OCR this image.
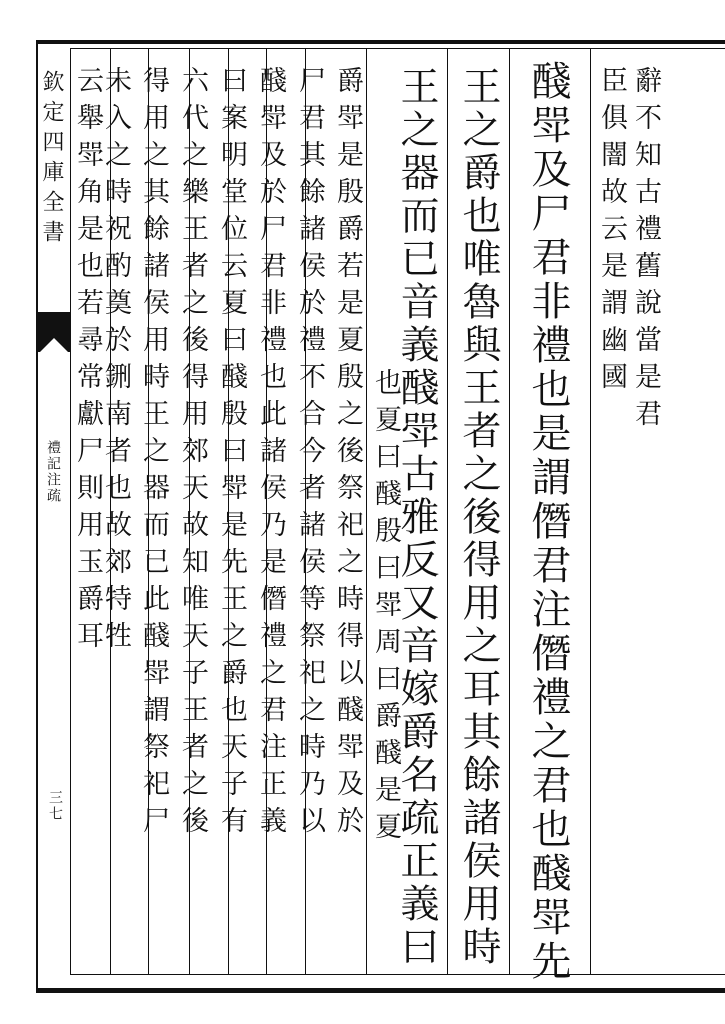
欽定四庫全書
禮記注疏
三七
辭不知古禮舊說當是君
臣俱闇故云是謂幽國
醆斝及尸君非禮也是謂僭君注僭禮之君也醆斝先
王之爵也唯魯與王者之後得用之耳其餘諸侯用時
王之器而已音義醆斝古雅反又音嫁爵名疏正義曰
也夏曰醆殷曰斝周曰爵醆是夏
爵斝是殷爵若是夏殷之後祭祀之時得以醆斝及於
尸君其餘諸侯於禮不合今者諸侯等祭祀之時乃以
醆斝及於尸君非禮也此諸侯乃是僭禮之君注正義
曰案明堂位云夏曰醆殷曰斝是先王之爵也天子有
六代之樂王者之後得用郊天故知唯天子王者之後
得用之其餘諸侯用時王之器而已此醆斝謂祭祀尸
未入之時祝酌奠於鉶南者也故郊特牲
云舉斝角是也若尋常獻尸則用玉爵耳
